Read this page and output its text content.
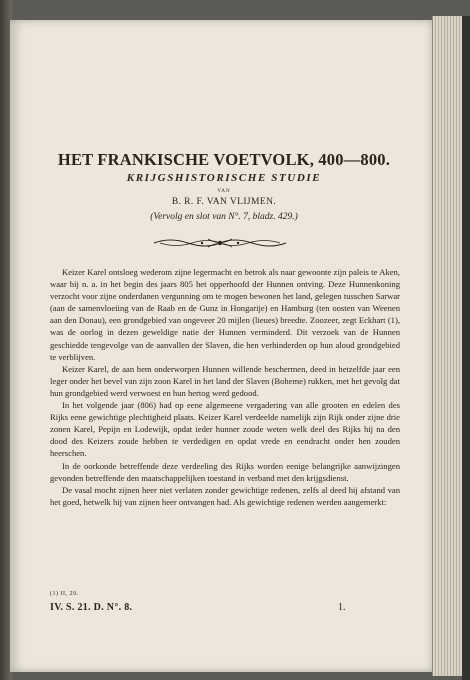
HET FRANKISCHE VOETVOLK, 400—800.
KRIJGSHISTORISCHE STUDIE
VAN
B. R. F. VAN VLIJMEN.
(Vervolg en slot van N°. 7, bladz. 429.)

Keizer Karel ontsloeg wederom zijne legermacht en betrok als naar gewoonte zijn paleis te Aken, waar hij n. a. in het begin des jaars 805 het opperhoofd der Hunnen ontving. Deze Hunnenkoning verzocht voor zijne onderdanen vergunning om te mogen bewonen het land, gelegen tusschen Sarwar (aan de samenvloeiing van de Raab en de Gunz in Hongarije) en Hamburg (ten oosten van Weenen aan den Donau), een grondgebied van ongeveer 20 mijlen (lieues) breedte. Zoozeer, zegt Eckhart (1), was de oorlog in dezen geweldige natie der Hunnen verminderd. Dit verzoek van de Hunnen geschiedde tengevolge van de aanvallen der Slaven, die hen verhinderden op hun aloud grondgebied te verblijven.

Keizer Karel, de aan hem onderworpen Hunnen willende beschermen, deed in hetzelfde jaar een leger onder het bevel van zijn zoon Karel in het land der Slaven (Boheme) rukken, met het gevolg dat hun grondgebied werd verwoest en hun hertog werd gedood.

In het volgende jaar (806) had op eene algemeene vergadering van alle grooten en edelen des Rijks eene gewichtige plechtigheid plaats. Keizer Karel verdeelde namelijk zijn Rijk onder zijne drie zonen Karel, Pepijn en Lodewijk, opdat ieder hunner zoude weten welk deel des Rijks hij na den dood des Keizers zoude hebben te verdedigen en opdat vrede en eendracht onder hen zouden heerschen.

In de oorkonde betreffende deze verdeeling des Rijks worden eenige belangrijke aanwijzingen gevonden betreffende den maatschappelijken toestand in verband met den krijgsdienst.

De vasal mocht zijnen heer niet verlaten zonder gewichtige redenen, zelfs al deed hij afstand van het goed, hetwelk hij van zijnen heer ontvangen had. Als gewichtige redenen werden aangemerkt:

(1) II, 29.
IV. S. 21. D. N°. 8.	1.
